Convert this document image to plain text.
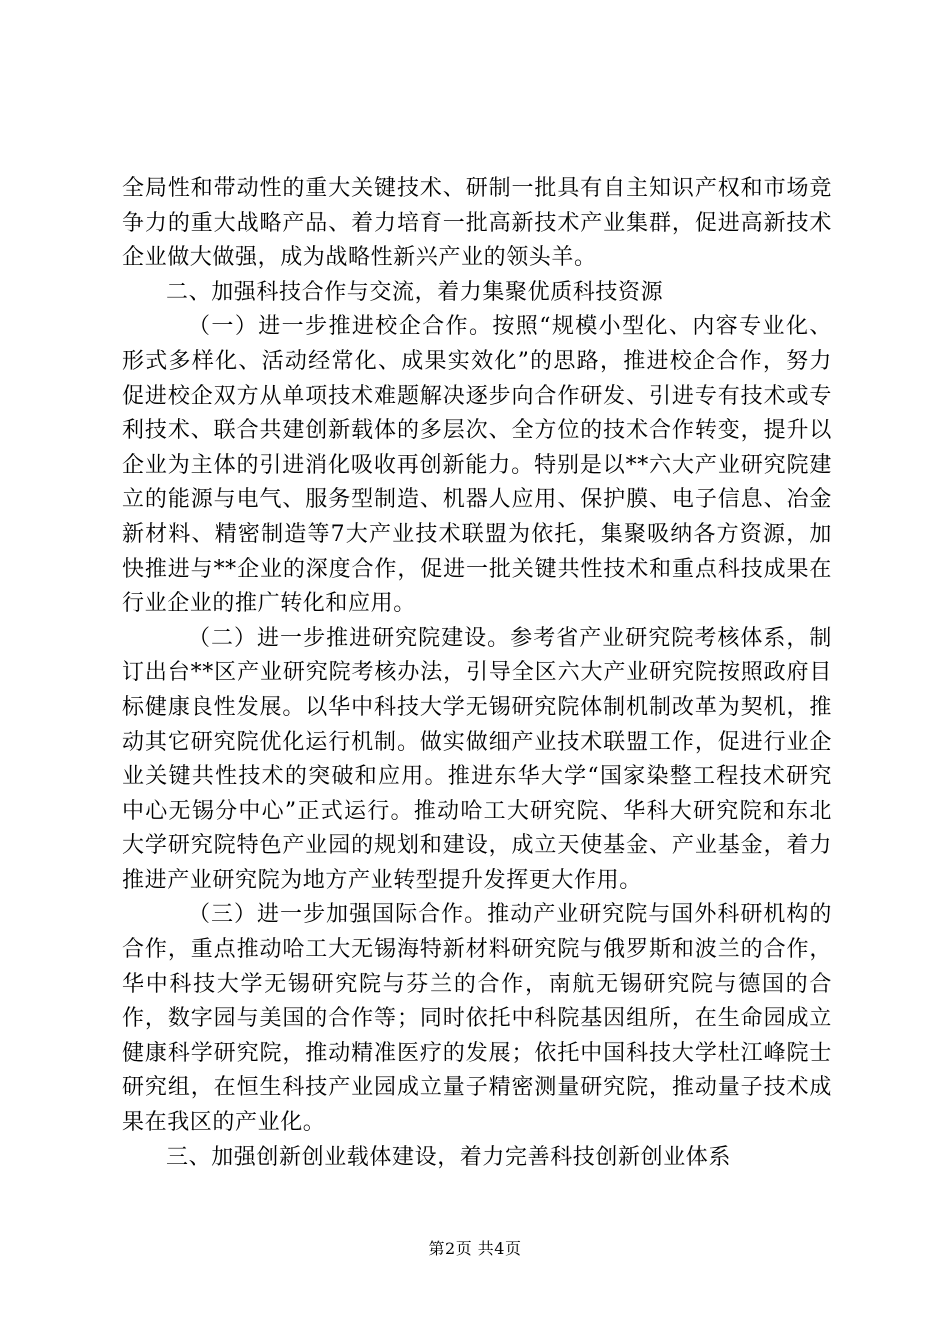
全局性和带动性的重大关键技术、研制一批具有自主知识产权和市场竞争力的重大战略产品、着力培育一批高新技术产业集群，促进高新技术企业做大做强，成为战略性新兴产业的领头羊。

二、加强科技合作与交流，着力集聚优质科技资源

（一）进一步推进校企合作。按照“规模小型化、内容专业化、形式多样化、活动经常化、成果实效化”的思路，推进校企合作，努力促进校企双方从单项技术难题解决逐步向合作研发、引进专有技术或专利技术、联合共建创新载体的多层次、全方位的技术合作转变，提升以企业为主体的引进消化吸收再创新能力。特别是以**六大产业研究院建立的能源与电气、服务型制造、机器人应用、保护膜、电子信息、冶金新材料、精密制造等7大产业技术联盟为依托，集聚吸纳各方资源，加快推进与**企业的深度合作，促进一批关键共性技术和重点科技成果在行业企业的推广转化和应用。

（二）进一步推进研究院建设。参考省产业研究院考核体系，制订出台**区产业研究院考核办法，引导全区六大产业研究院按照政府目标健康良性发展。以华中科技大学无锡研究院体制机制改革为契机，推动其它研究院优化运行机制。做实做细产业技术联盟工作，促进行业企业关键共性技术的突破和应用。推进东华大学“国家染整工程技术研究中心无锡分中心”正式运行。推动哈工大研究院、华科大研究院和东北大学研究院特色产业园的规划和建设，成立天使基金、产业基金，着力推进产业研究院为地方产业转型提升发挥更大作用。

（三）进一步加强国际合作。推动产业研究院与国外科研机构的合作，重点推动哈工大无锡海特新材料研究院与俄罗斯和波兰的合作，华中科技大学无锡研究院与芬兰的合作，南航无锡研究院与德国的合作，数字园与美国的合作等；同时依托中科院基因组所，在生命园成立健康科学研究院，推动精准医疗的发展；依托中国科技大学杜江峰院士研究组，在恒生科技产业园成立量子精密测量研究院，推动量子技术成果在我区的产业化。

三、加强创新创业载体建设，着力完善科技创新创业体系

第2页 共4页
